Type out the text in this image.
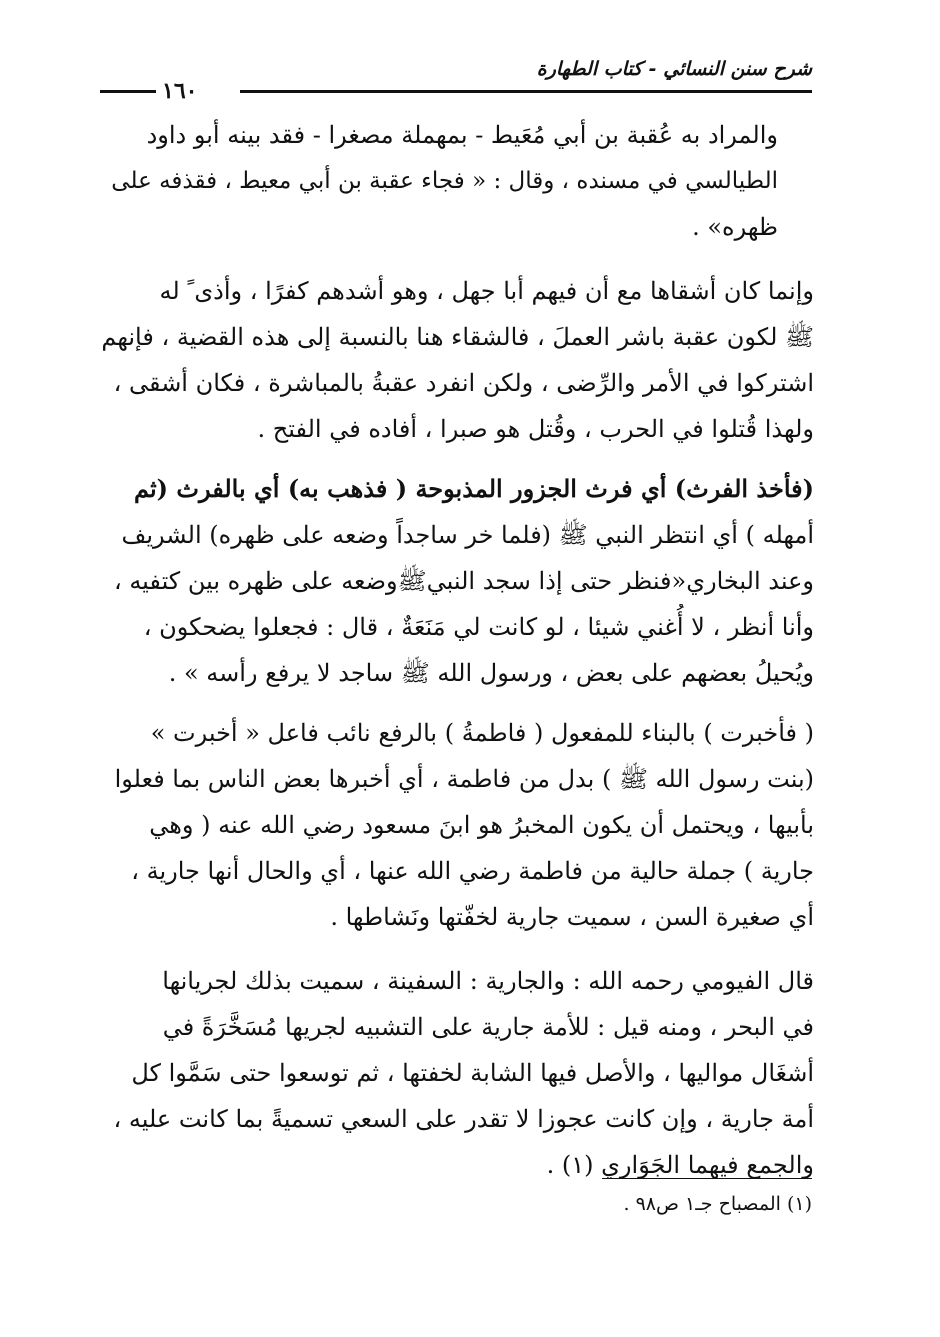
شرح سنن النسائي - كتاب الطهارة
١٦٠
والمراد به عُقبة بن أبي مُعَيط - بمهملة مصغرا - فقد بينه أبو داود
الطيالسي في مسنده ، وقال : « فجاء عقبة بن أبي معيط ، فقذفه على
ظهره» .
وإنما كان أشقاها مع أن فيهم أبا جهل ، وهو أشدهم كفرًا ، وأذى ً له
ﷺ لكون عقبة باشر العملَ ، فالشقاء هنا بالنسبة إلى هذه القضية ، فإنهم
اشتركوا في الأمر والرِّضى ، ولكن انفرد عقبةُ بالمباشرة ، فكان أشقى ،
ولهذا قُتلوا في الحرب ، وقُتل هو صبرا ، أفاده في الفتح .
(فأخذ الفرث) أي فرث الجزور المذبوحة ( فذهب به) أي بالفرث (ثم
أمهله ) أي انتظر النبي ﷺ (فلما خر ساجداً وضعه على ظهره) الشريف
وعند البخاري«فنظر حتى إذا سجد النبيﷺوضعه على ظهره بين كتفيه ،
وأنا أنظر ، لا أُغني شيئا ، لو كانت لي مَنَعَةٌ ، قال : فجعلوا يضحكون ،
ويُحيلُ بعضهم على بعض ، ورسول الله ﷺ ساجد لا يرفع رأسه » .
( فأخبرت ) بالبناء للمفعول ( فاطمةُ ) بالرفع نائب فاعل « أخبرت »
(بنت رسول الله ﷺ ) بدل من فاطمة ، أي أخبرها بعض الناس بما فعلوا
بأبيها ، ويحتمل أن يكون المخبرُ هو ابنَ مسعود رضي الله عنه ( وهي
جارية ) جملة حالية من فاطمة رضي الله عنها ، أي والحال أنها جارية ،
أي صغيرة السن ، سميت جارية لخفّتها ونَشاطها .
قال الفيومي رحمه الله : والجارية : السفينة ، سميت بذلك لجريانها
في البحر ، ومنه قيل : للأمة جارية على التشبيه لجريها مُسَخَّرَةً في
أشغَال مواليها ، والأصل فيها الشابة لخفتها ، ثم توسعوا حتى سَمَّوا كل
أمة جارية ، وإن كانت عجوزا لا تقدر على السعي تسميةً بما كانت عليه ،
والجمع فيهما الجَوَاري (١) .
(١) المصباح جـ١ ص٩٨ .
